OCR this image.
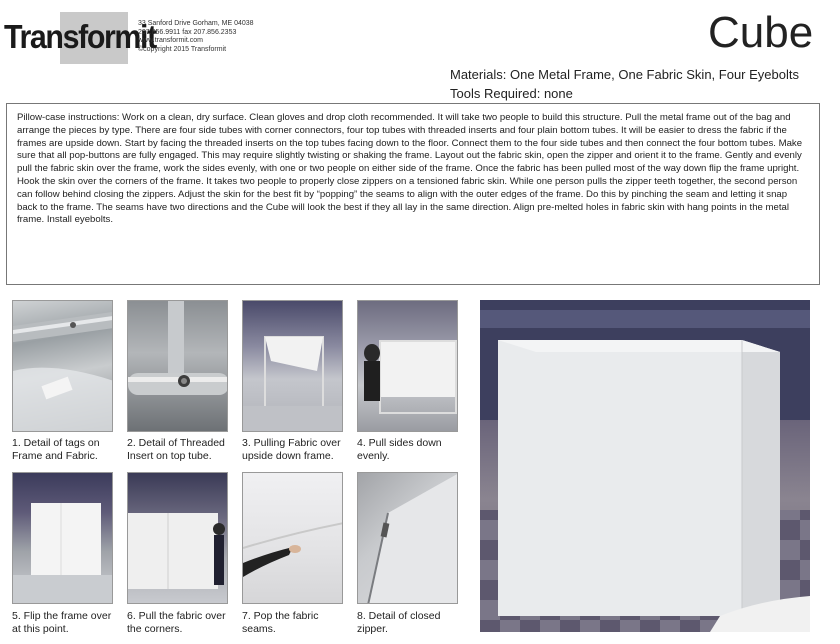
Transformit
33 Sanford Drive Gorham, ME 04038
207.856.9911 fax 207.856.2353
www.transformit.com
©copyright 2015 Transformit	Cube
Materials: One Metal Frame, One Fabric Skin, Four Eyebolts
Tools Required: none
Pillow-case instructions: Work on a clean, dry surface. Clean gloves and drop cloth recommended. It will take two people to build this structure. Pull the metal frame out of the bag and arrange the pieces by type. There are four side tubes with corner connectors, four top tubes with threaded inserts and four plain bottom tubes. It will be easier to dress the fabric if the frames are upside down. Start by facing the threaded inserts on the top tubes facing down to the floor. Connect them to the four side tubes and then connect the four bottom tubes. Make sure that all pop-buttons are fully engaged. This may require slightly twisting or shaking the frame. Layout out the fabric skin, open the zipper and orient it to the frame. Gently and evenly pull the fabric skin over the frame, work the sides evenly, with one or two people on either side of the frame. Once the fabric has been pulled most of the way down flip the frame upright. Hook the skin over the corners of the frame. It takes two people to properly close zippers on a tensioned fabric skin. While one person pulls the zipper teeth together, the second person can follow behind closing the zippers. Adjust the skin for the best fit by “popping” the seams to align with the outer edges of the frame. Do this by pinching the seam and letting it snap back to the frame. The seams have two directions and the Cube will look the best if they all lay in the same direction. Align pre-melted holes in fabric skin with hang points in the metal frame. Install eyebolts.
1. Detail of tags on Frame and Fabric.
2. Detail of Threaded Insert on top tube.
3. Pulling Fabric over upside down frame.
4. Pull sides down evenly.
5. Flip the frame over at this point.
6. Pull the fabric over the corners.
7. Pop the fabric seams.
8. Detail of closed zipper.
